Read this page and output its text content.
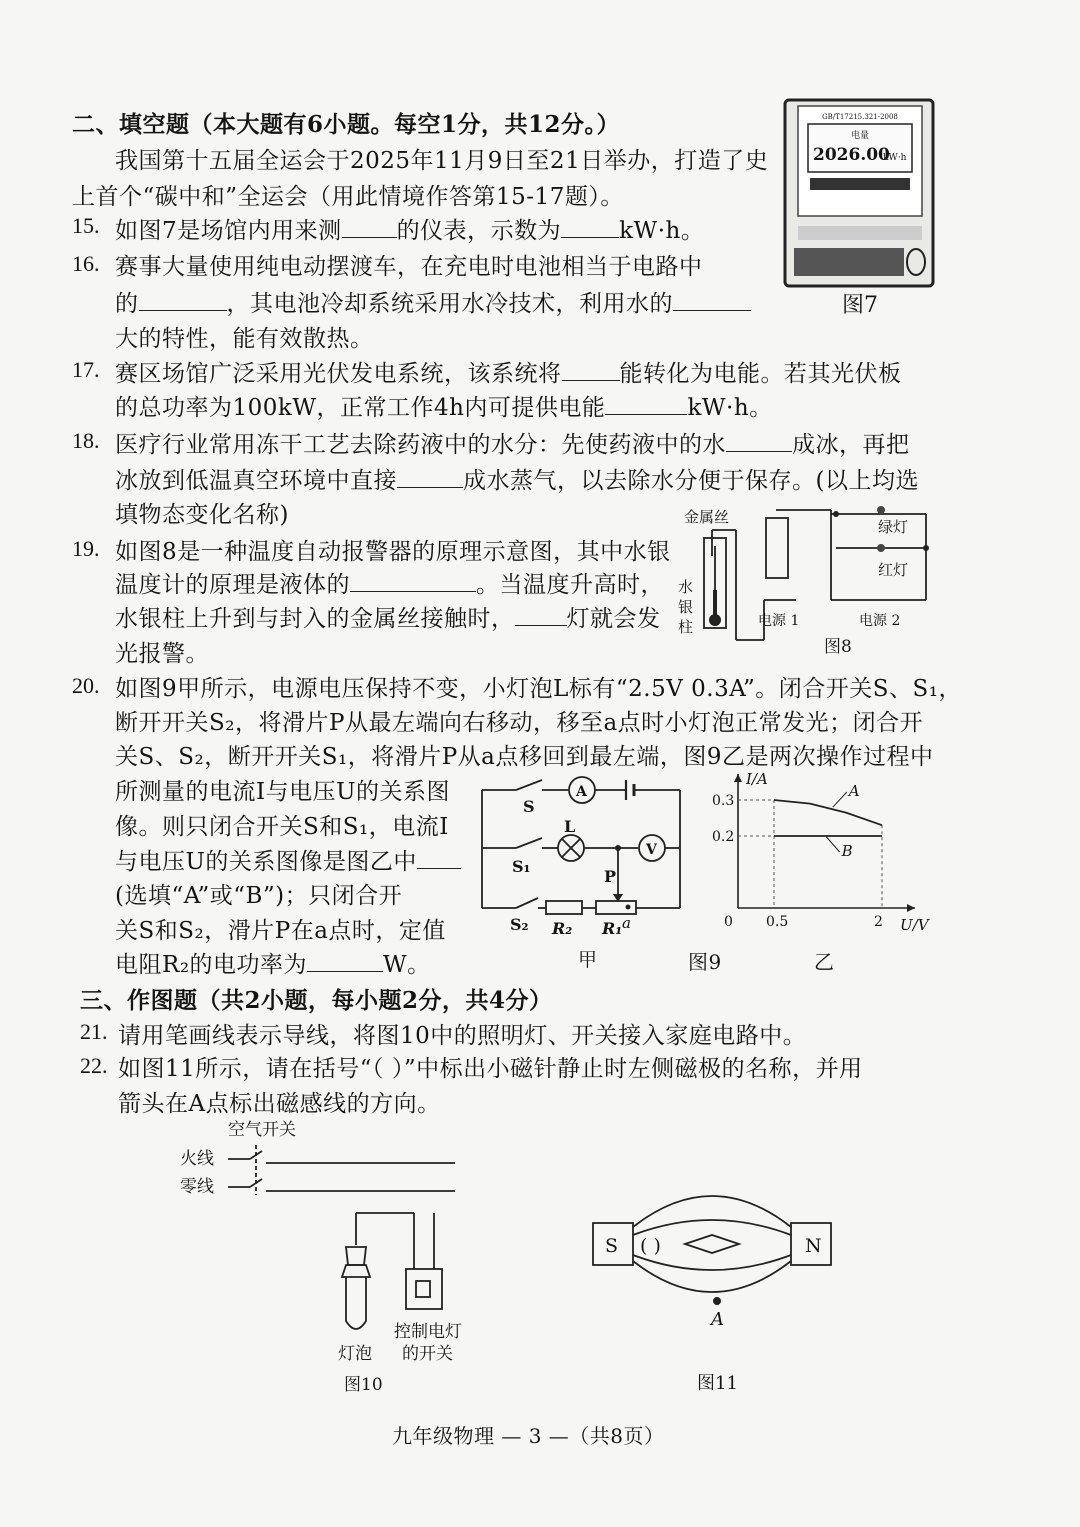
二、填空题（本大题有6小题。每空1分，共12分。）
我国第十五届全运会于2025年11月9日至21日举办，打造了史
上首个“碳中和”全运会（用此情境作答第15-17题）。
15. 如图7是场馆内用来测 的仪表，示数为	kW·h。
16. 赛事大量使用纯电动摆渡车，在充电时电池相当于电路中
的	，其电池冷却系统采用水冷技术，利用水的
大的特性，能有效散热。
17. 赛区场馆广泛采用光伏发电系统，该系统将	能转化为电能。若其光伏板
的总功率为100kW，正常工作4h内可提供电能	kW·h。
18. 医疗行业常用冻干工艺去除药液中的水分：先使药液中的水	成冰，再把
冰放到低温真空环境中直接	成水蒸气，以去除水分便于保存。(以上均选
填物态变化名称)
19. 如图8是一种温度自动报警器的原理示意图，其中水银
温度计的原理是液体的	。当温度升高时，
水银柱上升到与封入的金属丝接触时， 灯就会发
光报警。
20. 如图9甲所示，电源电压保持不变，小灯泡L标有“2.5V 0.3A”。闭合开关S、S₁，
断开开关S₂，将滑片P从最左端向右移动，移至a点时小灯泡正常发光；闭合开
关S、S₂，断开开关S₁，将滑片P从a点移回到最左端，图9乙是两次操作过程中
所测量的电流I与电压U的关系图
像。则只闭合开关S和S₁，电流I
与电压U的关系图像是图乙中
(选填“A”或“B”)；只闭合开
关S和S₂，滑片P在a点时，定值
电阻R₂的电功率为	W。
三、作图题（共2小题，每小题2分，共4分）
21. 请用笔画线表示导线，将图10中的照明灯、开关接入家庭电路中。
22. 如图11所示，请在括号“（ ）”中标出小磁针静止时左侧磁极的名称，并用
箭头在A点标出磁感线的方向。
GB/T17215.321-2008
电量
2026.00
kW·h
图7
金属丝
绿灯
红灯
水
银
柱	电源 1	电源 2
图8
S
A
L
V
S₁
P
S₂ R₂ R₁ a
甲	图9	乙
A
B
0 0.5	2
0.2
0.3
I/A
U/V
空气开关
火线
零线
灯泡
控制电灯
的开关
图10
S	N
( )
A
图11
九年级物理 — 3 —（共8页）
